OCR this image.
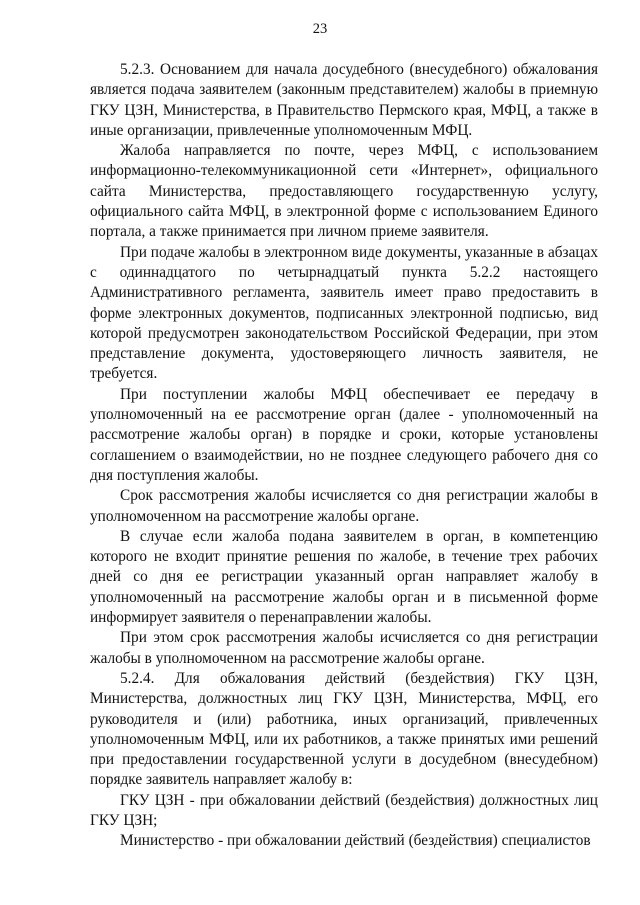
23

5.2.3. Основанием для начала досудебного (внесудебного) обжалования является подача заявителем (законным представителем) жалобы в приемную ГКУ ЦЗН, Министерства, в Правительство Пермского края, МФЦ, а также в иные организации, привлеченные уполномоченным МФЦ.

Жалоба направляется по почте, через МФЦ, с использованием информационно-телекоммуникационной сети «Интернет», официального сайта Министерства, предоставляющего государственную услугу, официального сайта МФЦ, в электронной форме с использованием Единого портала, а также принимается при личном приеме заявителя.

При подаче жалобы в электронном виде документы, указанные в абзацах с одиннадцатого по четырнадцатый пункта 5.2.2 настоящего Административного регламента, заявитель имеет право предоставить в форме электронных документов, подписанных электронной подписью, вид которой предусмотрен законодательством Российской Федерации, при этом представление документа, удостоверяющего личность заявителя, не требуется.

При поступлении жалобы МФЦ обеспечивает ее передачу в уполномоченный на ее рассмотрение орган (далее - уполномоченный на рассмотрение жалобы орган) в порядке и сроки, которые установлены соглашением о взаимодействии, но не позднее следующего рабочего дня со дня поступления жалобы.

Срок рассмотрения жалобы исчисляется со дня регистрации жалобы в уполномоченном на рассмотрение жалобы органе.

В случае если жалоба подана заявителем в орган, в компетенцию которого не входит принятие решения по жалобе, в течение трех рабочих дней со дня ее регистрации указанный орган направляет жалобу в уполномоченный на рассмотрение жалобы орган и в письменной форме информирует заявителя о перенаправлении жалобы.

При этом срок рассмотрения жалобы исчисляется со дня регистрации жалобы в уполномоченном на рассмотрение жалобы органе.

5.2.4. Для обжалования действий (бездействия) ГКУ ЦЗН, Министерства, должностных лиц ГКУ ЦЗН, Министерства, МФЦ, его руководителя и (или) работника, иных организаций, привлеченных уполномоченным МФЦ, или их работников, а также принятых ими решений при предоставлении государственной услуги в досудебном (внесудебном) порядке заявитель направляет жалобу в:

ГКУ ЦЗН - при обжаловании действий (бездействия) должностных лиц ГКУ ЦЗН;

Министерство - при обжаловании действий (бездействия) специалистов
